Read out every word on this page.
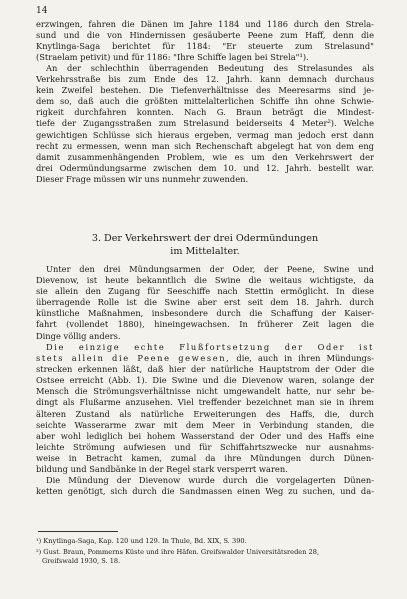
14
erzwingen, fahren die Dänen im Jahre 1184 und 1186 durch den Strela-
sund und die von Hindernissen gesäuberte Peene zum Haff, denn die
Knytlinga-Saga berichtet für 1184: "Er steuerte zum Strelasund"
(Straelam petivit) und für 1186: "Ihre Schiffe lagen bei Strela"¹).
An der schlechthin überragenden Bedeutung des Strelasundes als
Verkehrsstraße bis zum Ende des 12. Jahrh. kann demnach durchaus
kein Zweifel bestehen. Die Tiefenverhältnisse des Meeresarms sind je-
dem so, daß auch die größten mittelalterlichen Schiffe ihn ohne Schwie-
rigkeit durchfahren konnten. Nach G. Braun beträgt die Mindest-
tiefe der Zugangsstraßen zum Strelasund beiderseits 4 Meter²). Welche
gewichtigen Schlüsse sich hieraus ergeben, vermag man jedoch erst dann
recht zu ermessen, wenn man sich Rechenschaft abgelegt hat von dem eng
damit zusammenhängenden Problem, wie es um den Verkehrswert der
drei Odermündungsarme zwischen dem 10. und 12. Jahrh. bestellt war.
Dieser Frage müssen wir uns nunmehr zuwenden.
3. Der Verkehrswert der drei Odermündungen
im Mittelalter.
Unter den drei Mündungsarmen der Oder, der Peene, Swine und
Dievenow, ist heute bekanntlich die Swine die weitaus wichtigste, da
sie allein den Zugang für Seeschiffe nach Stettin ermöglicht. In diese
überragende Rolle ist die Swine aber erst seit dem 18. Jahrh. durch
künstliche Maßnahmen, insbesondere durch die Schaffung der Kaiser-
fahrt (vollendet 1880), hineingewachsen. In früherer Zeit lagen die
Dinge völlig anders.
Die einzige echte Flußfortsetzung der Oder ist
stets allein die Peene gewesen, die, auch in ihren Mündungs-
strecken erkennen läßt, daß hier der natürliche Hauptstrom der Oder die
Ostsee erreicht (Abb. 1). Die Swine und die Dievenow waren, solange der
Mensch die Strömungsverhältnisse nicht umgewandelt hatte, nur sehr be-
dingt als Flußarme anzusehen. Viel treffender bezeichnet man sie in ihrem
älteren Zustand als natürliche Erweiterungen des Haffs, die, durch
seichte Wasserarme zwar mit dem Meer in Verbindung standen, die
aber wohl lediglich bei hohem Wasserstand der Oder und des Haffs eine
leichte Strömung aufwiesen und für Schiffahrtszwecke nur ausnahms-
weise in Betracht kamen, zumal da ihre Mündungen durch Dünen-
bildung und Sandbänke in der Regel stark versperrt waren.
Die Mündung der Dievenow wurde durch die vorgelagerten Dünen-
ketten genötigt, sich durch die Sandmassen einen Weg zu suchen, und da-
¹) Knytlinga-Saga, Kap. 120 und 129. In Thule, Bd. XIX, S. 390.
²) Gust. Braun, Pommerns Küste und ihre Häfen. Greifswalder Universitätsreden 28,
Greifswald 1930, S. 18.
